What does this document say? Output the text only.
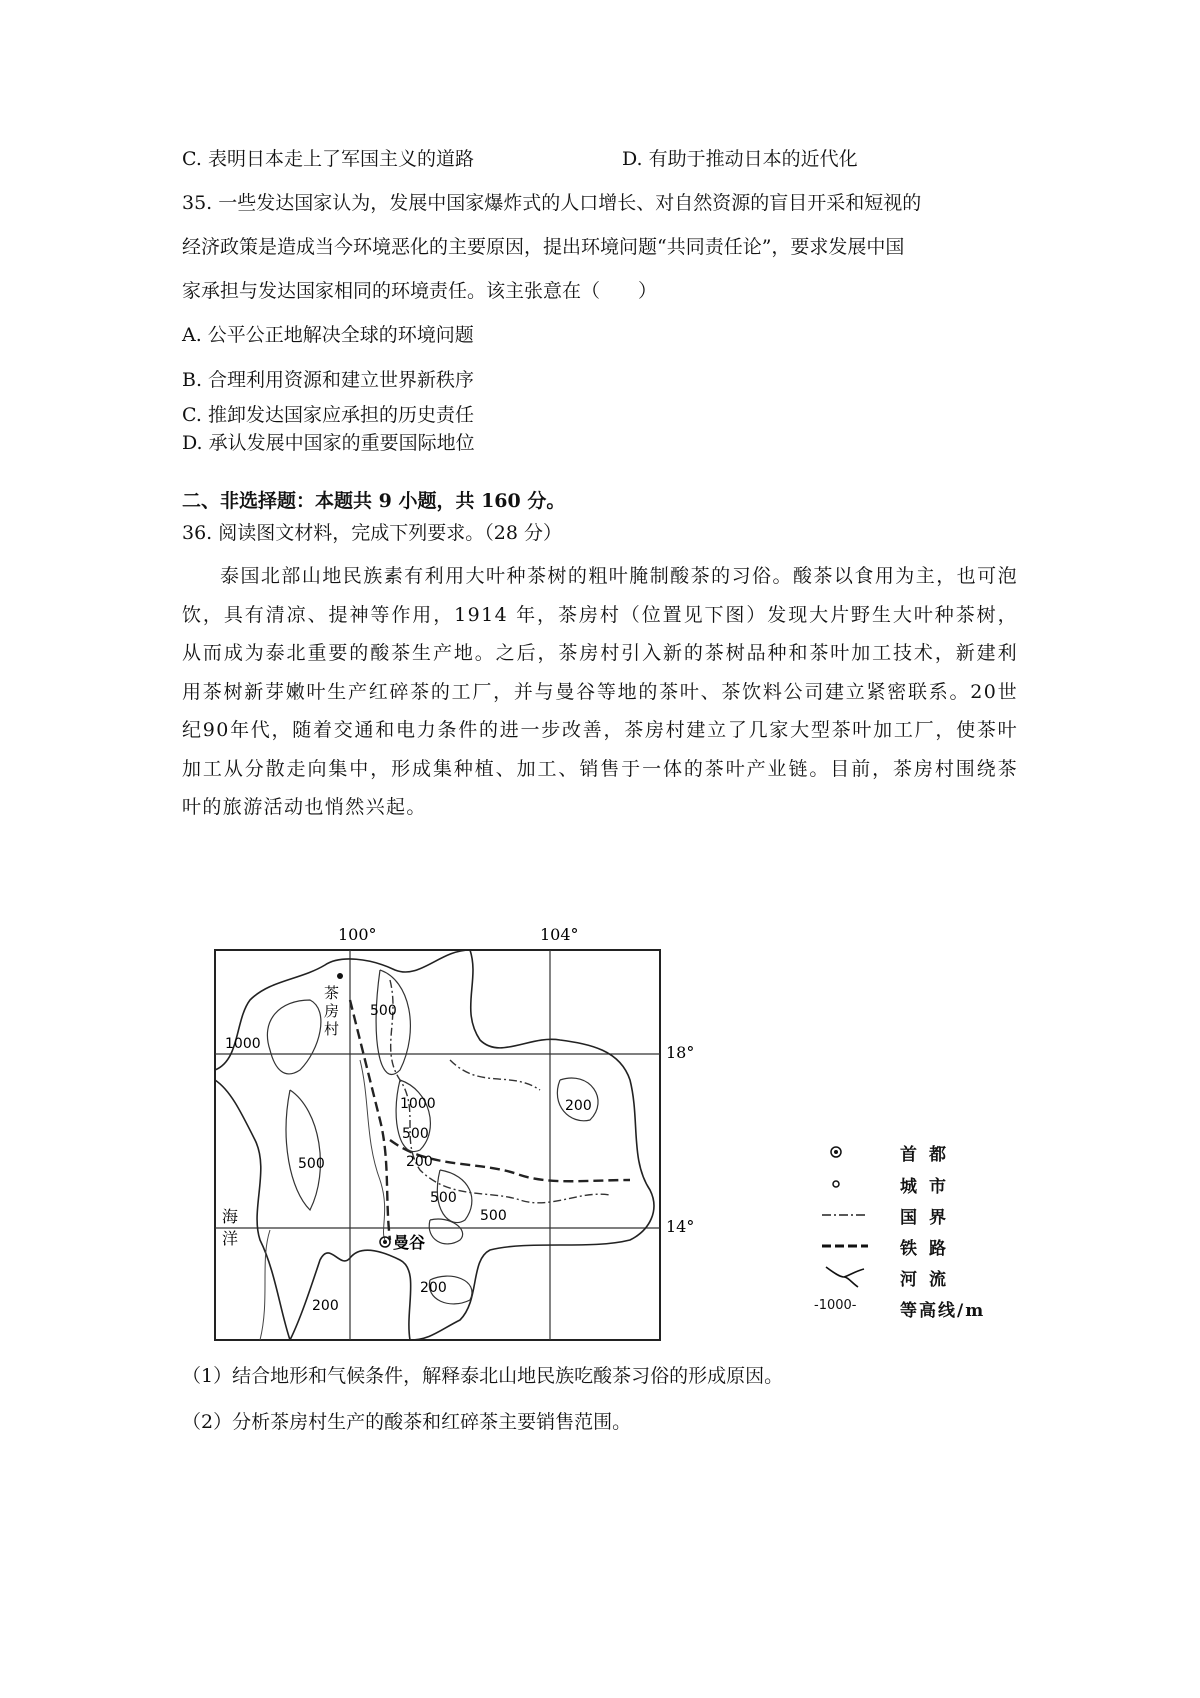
C. 表明日本走上了军国主义的道路	D. 有助于推动日本的近代化
35. 一些发达国家认为，发展中国家爆炸式的人口增长、对自然资源的盲目开采和短视的
经济政策是造成当今环境恶化的主要原因，提出环境问题“共同责任论”，要求发展中国
家承担与发达国家相同的环境责任。该主张意在（　　）
A. 公平公正地解决全球的环境问题
B. 合理利用资源和建立世界新秩序
C. 推卸发达国家应承担的历史责任
D. 承认发展中国家的重要国际地位
二、非选择题：本题共 9 小题，共 160 分。
36. 阅读图文材料，完成下列要求。（28 分）
泰国北部山地民族素有利用大叶种茶树的粗叶腌制酸茶的习俗。酸茶以食用为主，也可泡饮，具有清凉、提神等作用，1914 年，茶房村（位置见下图）发现大片野生大叶种茶树，从而成为泰北重要的酸茶生产地。之后，茶房村引入新的茶树品种和茶叶加工技术，新建利用茶树新芽嫩叶生产红碎茶的工厂，并与曼谷等地的茶叶、茶饮料公司建立紧密联系。20世纪90年代，随着交通和电力条件的进一步改善，茶房村建立了几家大型茶叶加工厂，使茶叶加工从分散走向集中，形成集种植、加工、销售于一体的茶叶产业链。目前，茶房村围绕茶叶的旅游活动也悄然兴起。
100°	104°
18°
14°
1000
500
1000
500
200
500
200
500
500
200
200
茶 房 村
曼谷
海 洋
首都
城市
国界
铁路
河流
-1000-	等高线/m
（1）结合地形和气候条件，解释泰北山地民族吃酸茶习俗的形成原因。
（2）分析茶房村生产的酸茶和红碎茶主要销售范围。
